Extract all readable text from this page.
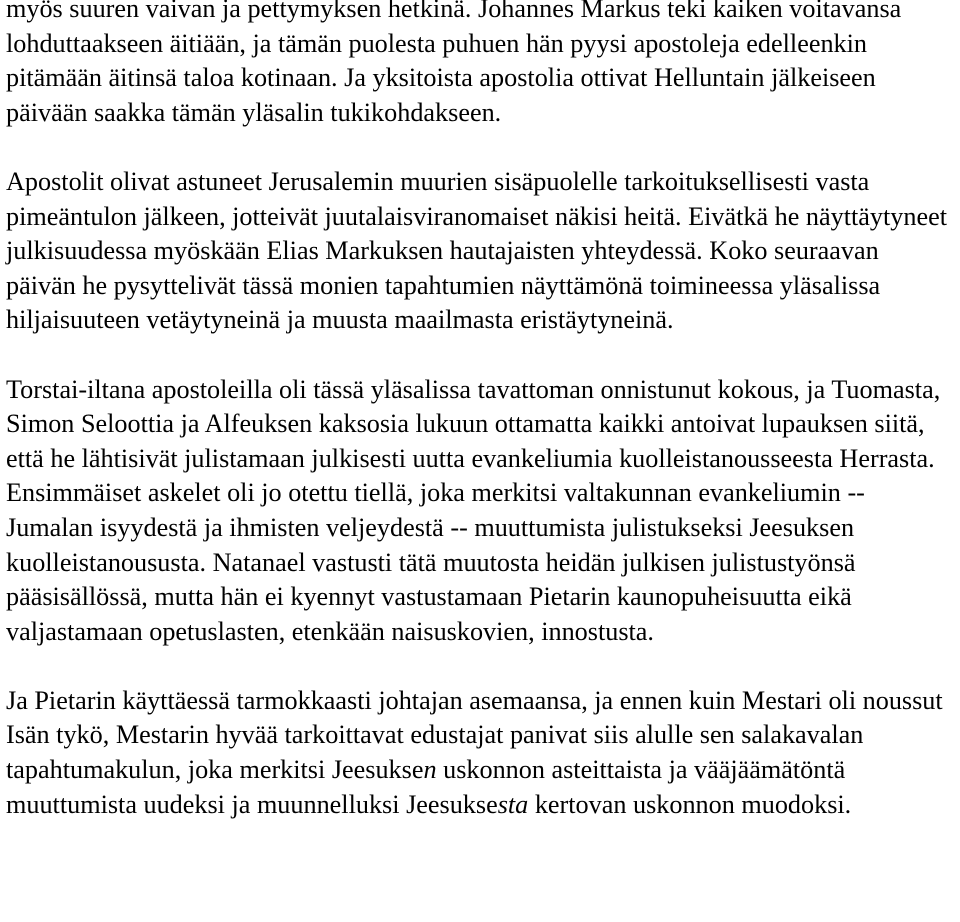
myös suuren vaivan ja pettymyksen hetkinä. Johannes Markus teki kaiken voitavansa lohduttaakseen äitiään, ja tämän puolesta puhuen hän pyysi apostoleja edelleenkin pitämään äitinsä taloa kotinaan. Ja yksitoista apostolia ottivat Helluntain jälkeiseen päivään saakka tämän yläsalin tukikohdakseen.

Apostolit olivat astuneet Jerusalemin muurien sisäpuolelle tarkoituksellisesti vasta pimeäntulon jälkeen, jotteivät juutalaisviranomaiset näkisi heitä. Eivätkä he näyttäytyneet julkisuudessa myöskään Elias Markuksen hautajaisten yhteydessä. Koko seuraavan päivän he pysyttelivät tässä monien tapahtumien näyttämönä toimineessa yläsalissa hiljaisuuteen vetäytyneinä ja muusta maailmasta eristäytyneinä.

Torstai-iltana apostoleilla oli tässä yläsalissa tavattoman onnistunut kokous, ja Tuomasta, Simon Seloottia ja Alfeuksen kaksosia lukuun ottamatta kaikki antoivat lupauksen siitä, että he lähtisivät julistamaan julkisesti uutta evankeliumia kuolleistanousseesta Herrasta. Ensimmäiset askelet oli jo otettu tiellä, joka merkitsi valtakunnan evankeliumin -- Jumalan isyydestä ja ihmisten veljeydestä -- muuttumista julistukseksi Jeesuksen kuolleistanousustа. Natanael vastusti tätä muutosta heidän julkisen julistustyönsä pääsisällössä, mutta hän ei kyennyt vastustamaan Pietarin kaunopuheisuutta eikä valjastamaan opetuslasten, etenkään naisuskovien, innostusta.

Ja Pietarin käyttäessä tarmokkaasti johtajan asemaansa, ja ennen kuin Mestari oli noussut Isän tykö, Mestarin hyvää tarkoittavat edustajat panivat siis alulle sen salakavalan tapahtumakulun, joka merkitsi Jeesuksen uskonnon asteittaista ja vääjäämätöntä muuttumista uudeksi ja muunnelluksi Jeesuksesta kertovan uskonnon muodoksi.
